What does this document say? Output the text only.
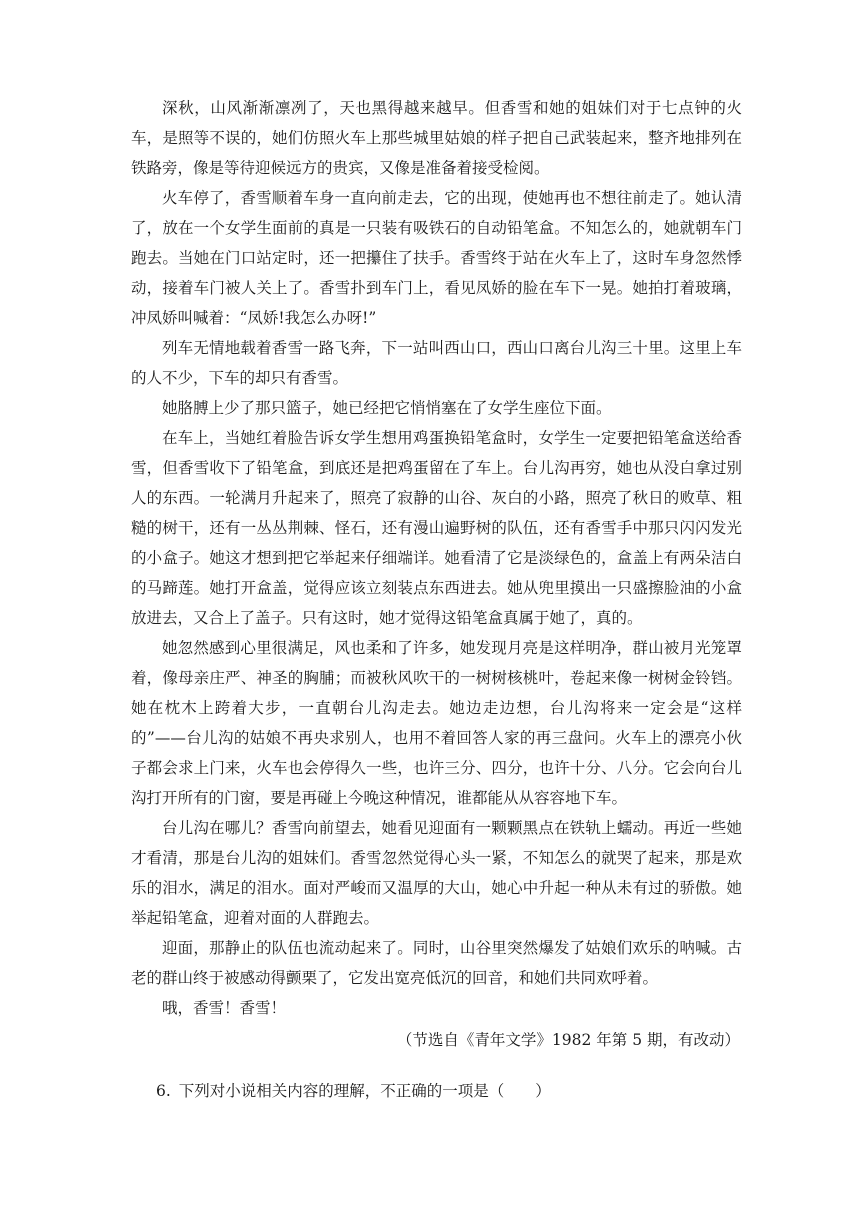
深秋，山风渐渐凛冽了，天也黑得越来越早。但香雪和她的姐妹们对于七点钟的火车，是照等不误的，她们仿照火车上那些城里姑娘的样子把自己武装起来，整齐地排列在铁路旁，像是等待迎候远方的贵宾，又像是准备着接受检阅。

火车停了，香雪顺着车身一直向前走去，它的出现，使她再也不想往前走了。她认清了，放在一个女学生面前的真是一只装有吸铁石的自动铅笔盒。不知怎么的，她就朝车门跑去。当她在门口站定时，还一把攥住了扶手。香雪终于站在火车上了，这时车身忽然悸动，接着车门被人关上了。香雪扑到车门上，看见凤娇的脸在车下一晃。她拍打着玻璃，冲凤娇叫喊着：“凤娇!我怎么办呀!”

列车无情地载着香雪一路飞奔，下一站叫西山口，西山口离台儿沟三十里。这里上车的人不少，下车的却只有香雪。

她胳膊上少了那只篮子，她已经把它悄悄塞在了女学生座位下面。

在车上，当她红着脸告诉女学生想用鸡蛋换铅笔盒时，女学生一定要把铅笔盒送给香雪，但香雪收下了铅笔盒，到底还是把鸡蛋留在了车上。台儿沟再穷，她也从没白拿过别人的东西。一轮满月升起来了，照亮了寂静的山谷、灰白的小路，照亮了秋日的败草、粗糙的树干，还有一丛丛荆棘、怪石，还有漫山遍野树的队伍，还有香雪手中那只闪闪发光的小盒子。她这才想到把它举起来仔细端详。她看清了它是淡绿色的，盒盖上有两朵洁白的马蹄莲。她打开盒盖，觉得应该立刻装点东西进去。她从兜里摸出一只盛擦脸油的小盒放进去，又合上了盖子。只有这时，她才觉得这铅笔盒真属于她了，真的。

她忽然感到心里很满足，风也柔和了许多，她发现月亮是这样明净，群山被月光笼罩着，像母亲庄严、神圣的胸脯；而被秋风吹干的一树树核桃叶，卷起来像一树树金铃铛。她在枕木上跨着大步，一直朝台儿沟走去。她边走边想，台儿沟将来一定会是“这样的”——台儿沟的姑娘不再央求别人，也用不着回答人家的再三盘问。火车上的漂亮小伙子都会求上门来，火车也会停得久一些，也许三分、四分，也许十分、八分。它会向台儿沟打开所有的门窗，要是再碰上今晚这种情况，谁都能从从容容地下车。

台儿沟在哪儿？香雪向前望去，她看见迎面有一颗颗黑点在铁轨上蠕动。再近一些她才看清，那是台儿沟的姐妹们。香雪忽然觉得心头一紧，不知怎么的就哭了起来，那是欢乐的泪水，满足的泪水。面对严峻而又温厚的大山，她心中升起一种从未有过的骄傲。她举起铅笔盒，迎着对面的人群跑去。

迎面，那静止的队伍也流动起来了。同时，山谷里突然爆发了姑娘们欢乐的呐喊。古老的群山终于被感动得颤栗了，它发出宽亮低沉的回音，和她们共同欢呼着。

哦，香雪！香雪！

（节选自《青年文学》1982 年第 5 期，有改动）

6. 下列对小说相关内容的理解，不正确的一项是（　　）
